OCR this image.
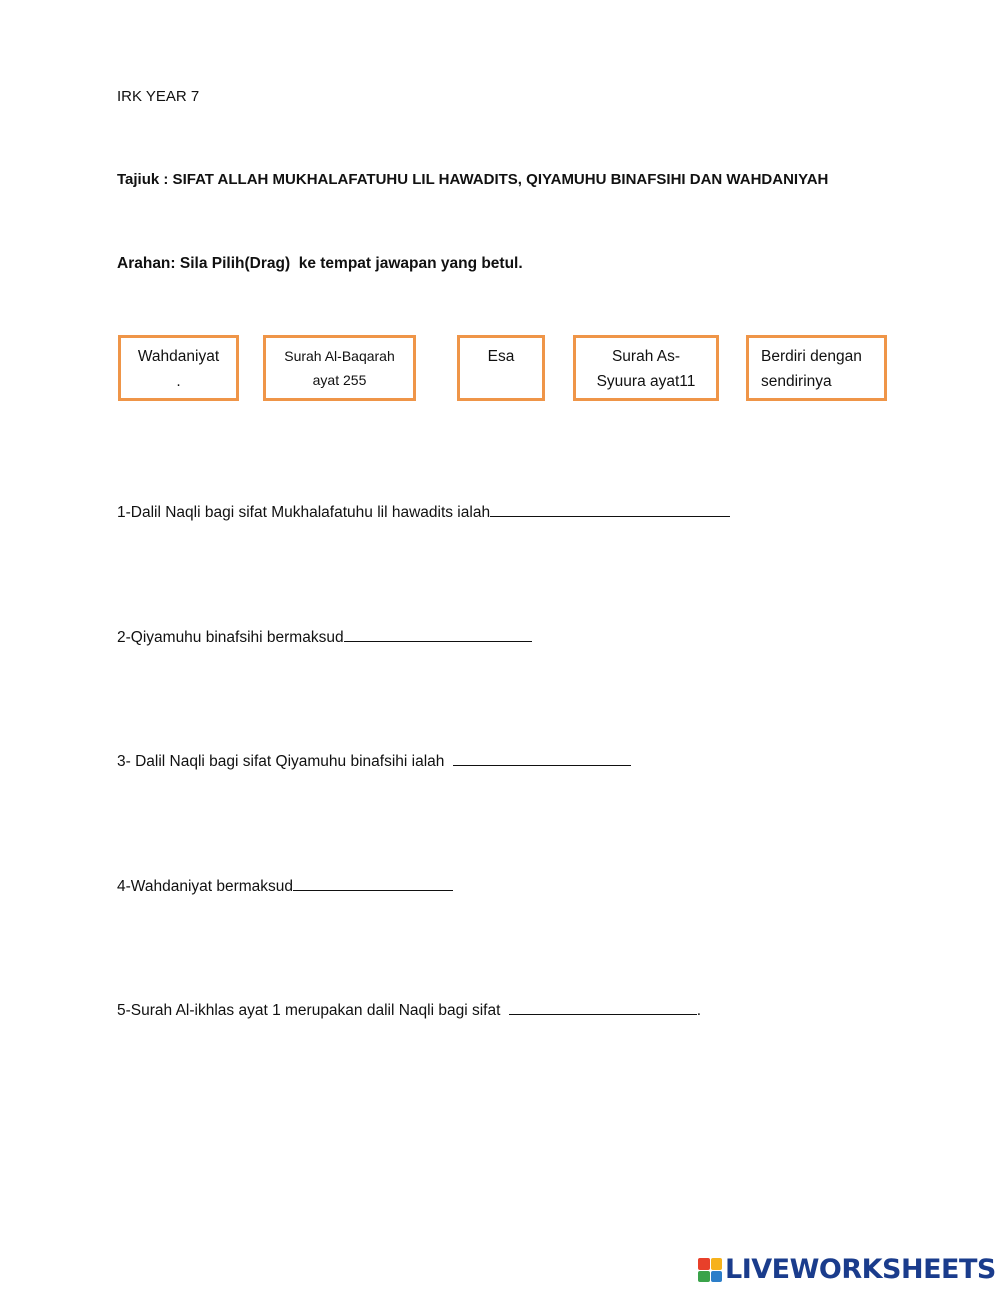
IRK YEAR 7
Tajiuk : SIFAT ALLAH MUKHALAFATUHU LIL HAWADITS, QIYAMUHU BINAFSIHI DAN WAHDANIYAH
Arahan: Sila Pilih(Drag)  ke tempat jawapan yang betul.
Wahdaniyat
.
Surah Al-Baqarah
ayat 255
Esa	Surah As-
Syuura ayat11
Berdiri dengan
sendirinya
1-Dalil Naqli bagi sifat Mukhalafatuhu lil hawadits ialah
2-Qiyamuhu binafsihi bermaksud
3- Dalil Naqli bagi sifat Qiyamuhu binafsihi ialah
4-Wahdaniyat bermaksud
5-Surah Al-ikhlas ayat 1 merupakan dalil Naqli bagi sifat	.
LIVEWORKSHEETS
